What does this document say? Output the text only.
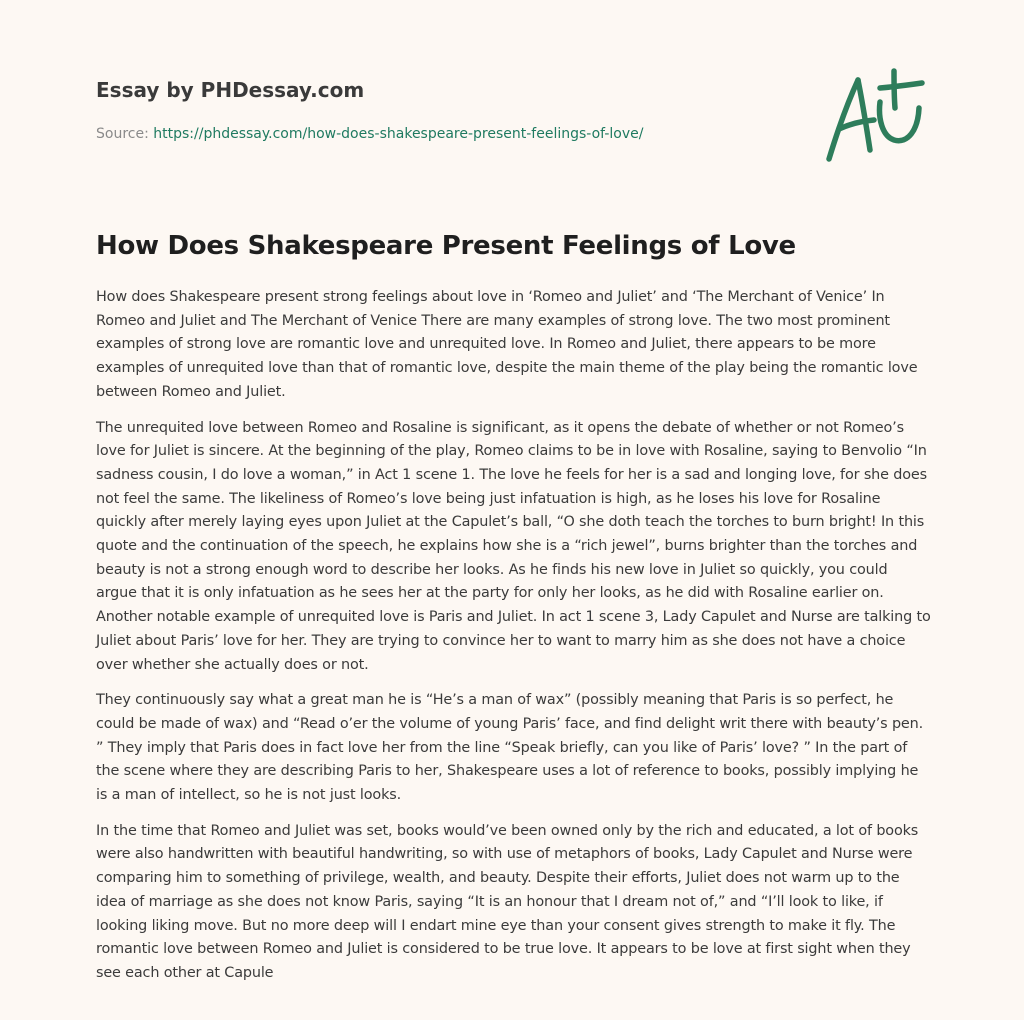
Essay by PHDessay.com
Source: https://phdessay.com/how-does-shakespeare-present-feelings-of-love/
How Does Shakespeare Present Feelings of Love

How does Shakespeare present strong feelings about love in ‘Romeo and Juliet’ and ‘The Merchant of Venice’ In Romeo and Juliet and The Merchant of Venice There are many examples of strong love. The two most prominent examples of strong love are romantic love and unrequited love. In Romeo and Juliet, there appears to be more examples of unrequited love than that of romantic love, despite the main theme of the play being the romantic love between Romeo and Juliet.

The unrequited love between Romeo and Rosaline is significant, as it opens the debate of whether or not Romeo’s love for Juliet is sincere. At the beginning of the play, Romeo claims to be in love with Rosaline, saying to Benvolio “In sadness cousin, I do love a woman,” in Act 1 scene 1. The love he feels for her is a sad and longing love, for she does not feel the same. The likeliness of Romeo’s love being just infatuation is high, as he loses his love for Rosaline quickly after merely laying eyes upon Juliet at the Capulet’s ball, “O she doth teach the torches to burn bright! In this quote and the continuation of the speech, he explains how she is a “rich jewel”, burns brighter than the torches and beauty is not a strong enough word to describe her looks. As he finds his new love in Juliet so quickly, you could argue that it is only infatuation as he sees her at the party for only her looks, as he did with Rosaline earlier on. Another notable example of unrequited love is Paris and Juliet. In act 1 scene 3, Lady Capulet and Nurse are talking to Juliet about Paris’ love for her. They are trying to convince her to want to marry him as she does not have a choice over whether she actually does or not.

They continuously say what a great man he is “He’s a man of wax” (possibly meaning that Paris is so perfect, he could be made of wax) and “Read o’er the volume of young Paris’ face, and find delight writ there with beauty’s pen. ” They imply that Paris does in fact love her from the line “Speak briefly, can you like of Paris’ love? ” In the part of the scene where they are describing Paris to her, Shakespeare uses a lot of reference to books, possibly implying he is a man of intellect, so he is not just looks.

In the time that Romeo and Juliet was set, books would’ve been owned only by the rich and educated, a lot of books were also handwritten with beautiful handwriting, so with use of metaphors of books, Lady Capulet and Nurse were comparing him to something of privilege, wealth, and beauty. Despite their efforts, Juliet does not warm up to the idea of marriage as she does not know Paris, saying “It is an honour that I dream not of,” and “I’ll look to like, if looking liking move. But no more deep will I endart mine eye than your consent gives strength to make it fly. The romantic love between Romeo and Juliet is considered to be true love. It appears to be love at first sight when they see each other at Capule
